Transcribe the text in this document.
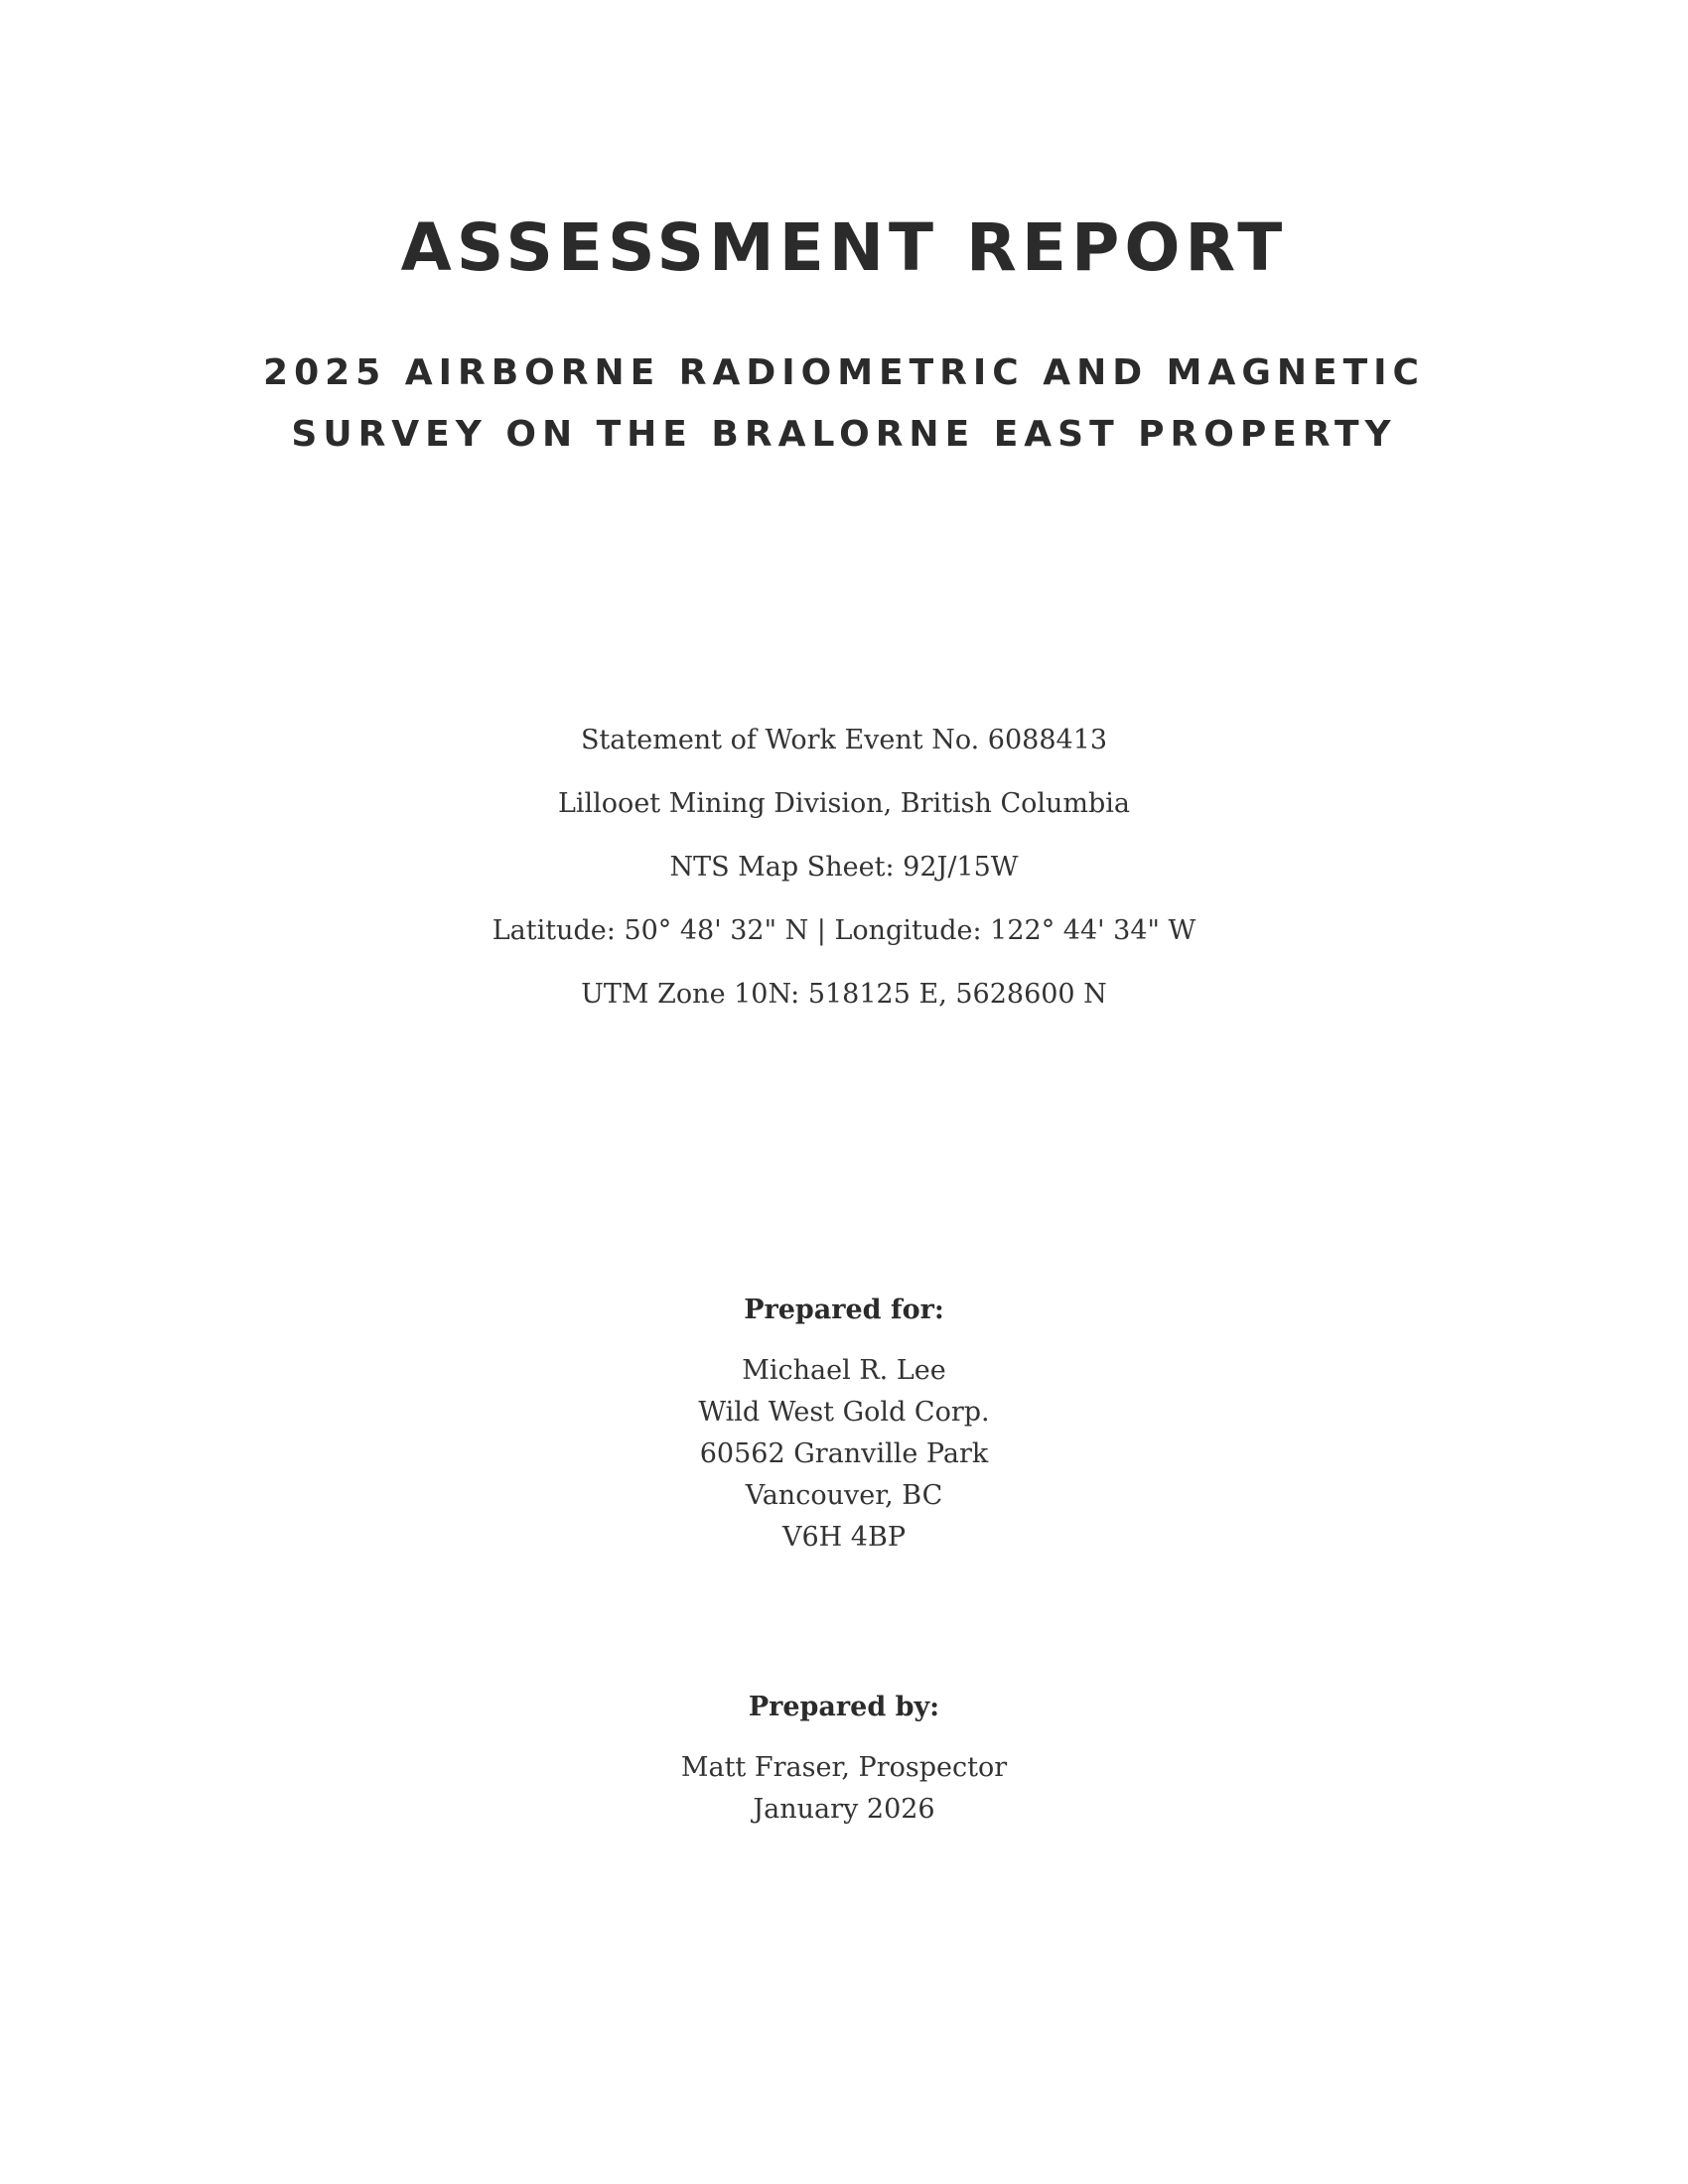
ASSESSMENT REPORT
2025 AIRBORNE RADIOMETRIC AND MAGNETIC
SURVEY ON THE BRALORNE EAST PROPERTY
Statement of Work Event No. 6088413
Lillooet Mining Division, British Columbia
NTS Map Sheet: 92J/15W
Latitude: 50° 48' 32" N | Longitude: 122° 44' 34" W
UTM Zone 10N: 518125 E, 5628600 N
Prepared for:
Michael R. Lee
Wild West Gold Corp.
60562 Granville Park
Vancouver, BC
V6H 4BP
Prepared by:
Matt Fraser, Prospector
January 2026
